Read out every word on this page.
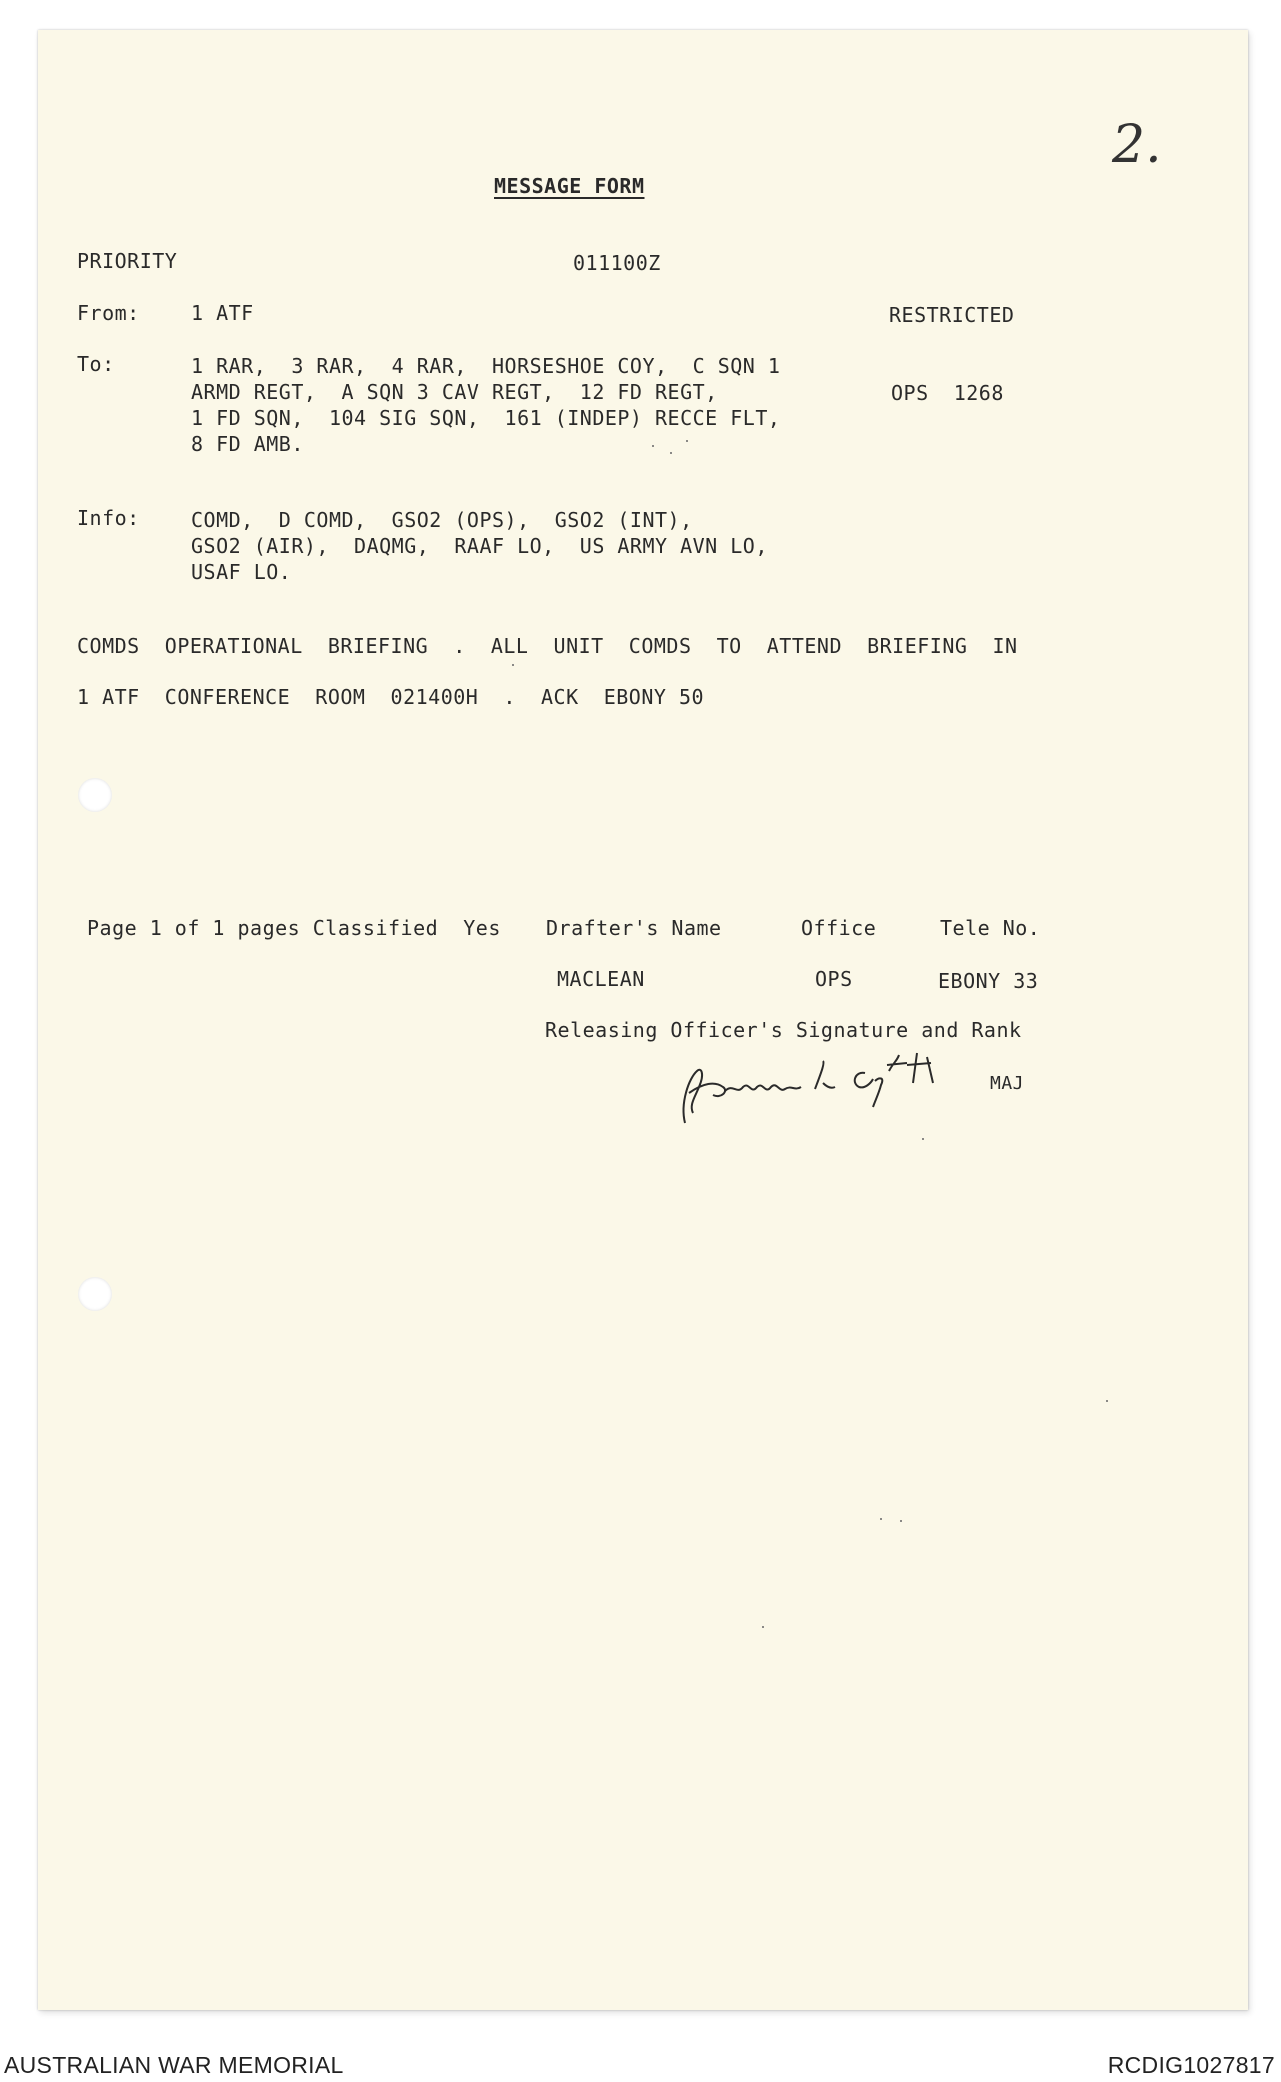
2.
MESSAGE FORM
PRIORITY	011100Z
From:	1 ATF	RESTRICTED
To:	1 RAR,  3 RAR,  4 RAR,  HORSESHOE COY,  C SQN 1
ARMD REGT,  A SQN 3 CAV REGT,  12 FD REGT,
1 FD SQN,  104 SIG SQN,  161 (INDEP) RECCE FLT,
8 FD AMB.
OPS  1268
Info:	COMD,  D COMD,  GSO2 (OPS),  GSO2 (INT),
GSO2 (AIR),  DAQMG,  RAAF LO,  US ARMY AVN LO,
USAF LO.
COMDS  OPERATIONAL  BRIEFING  .  ALL  UNIT  COMDS  TO  ATTEND  BRIEFING  IN
1 ATF  CONFERENCE  ROOM  021400H  .  ACK  EBONY 50
Page 1 of 1 pages Classified  Yes Drafter's Name	Office	Tele No.
MACLEAN	OPS	EBONY 33
Releasing Officer's Signature and Rank
MAJ
AUSTRALIAN WAR MEMORIAL	RCDIG1027817
